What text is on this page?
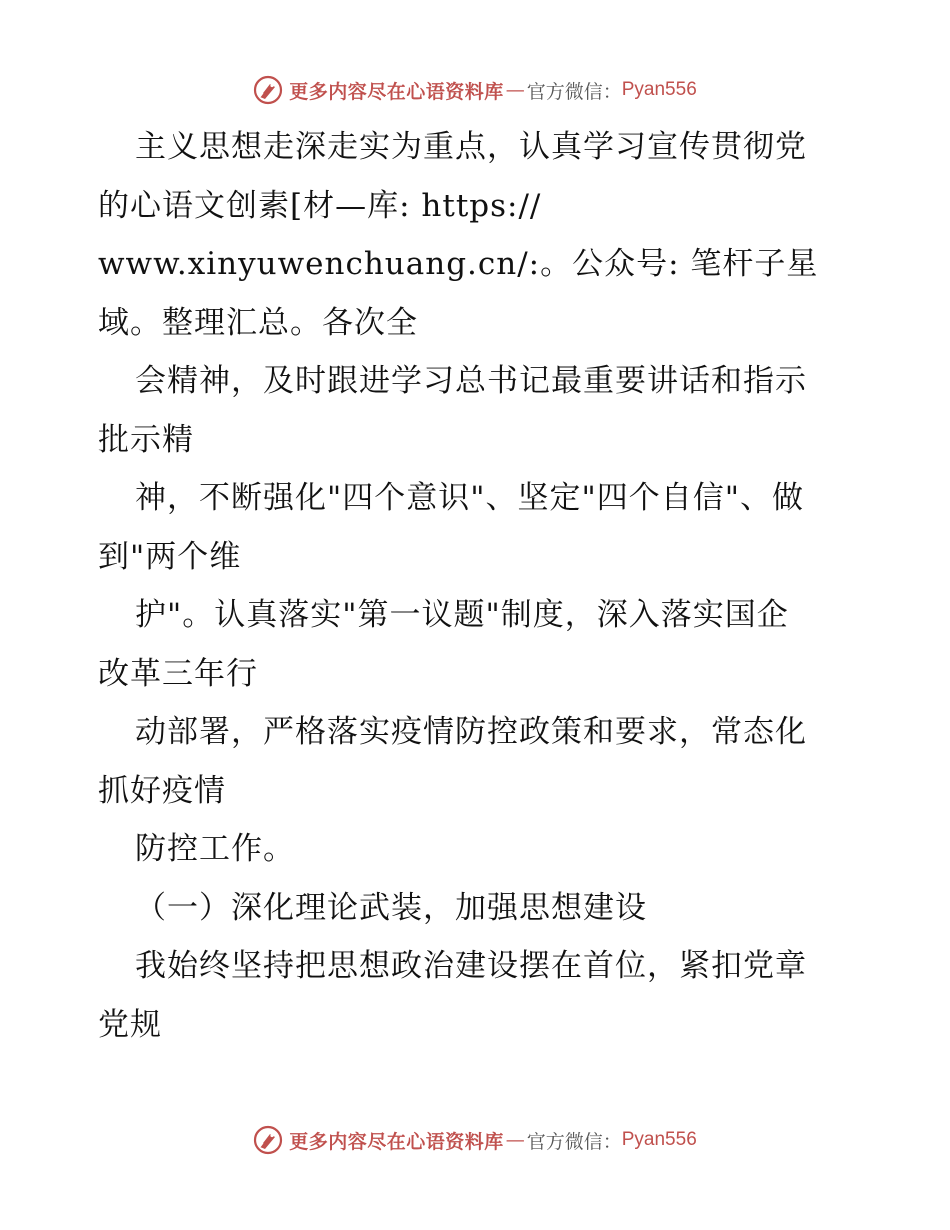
更多内容尽在心语资料库 — 官方微信： Pyan556
主义思想走深走实为重点，认真学习宣传贯彻党
的心语文创素[材—库: https://
www.xinyuwenchuang.cn/:。公众号: 笔杆子星
域。整理汇总。各次全
会精神，及时跟进学习总书记最重要讲话和指示
批示精
神，不断强化"四个意识"、坚定"四个自信"、做
到"两个维
护"。认真落实"第一议题"制度，深入落实国企
改革三年行
动部署，严格落实疫情防控政策和要求，常态化
抓好疫情
防控工作。
（一）深化理论武装，加强思想建设
我始终坚持把思想政治建设摆在首位，紧扣党章
党规
更多内容尽在心语资料库 — 官方微信： Pyan556
